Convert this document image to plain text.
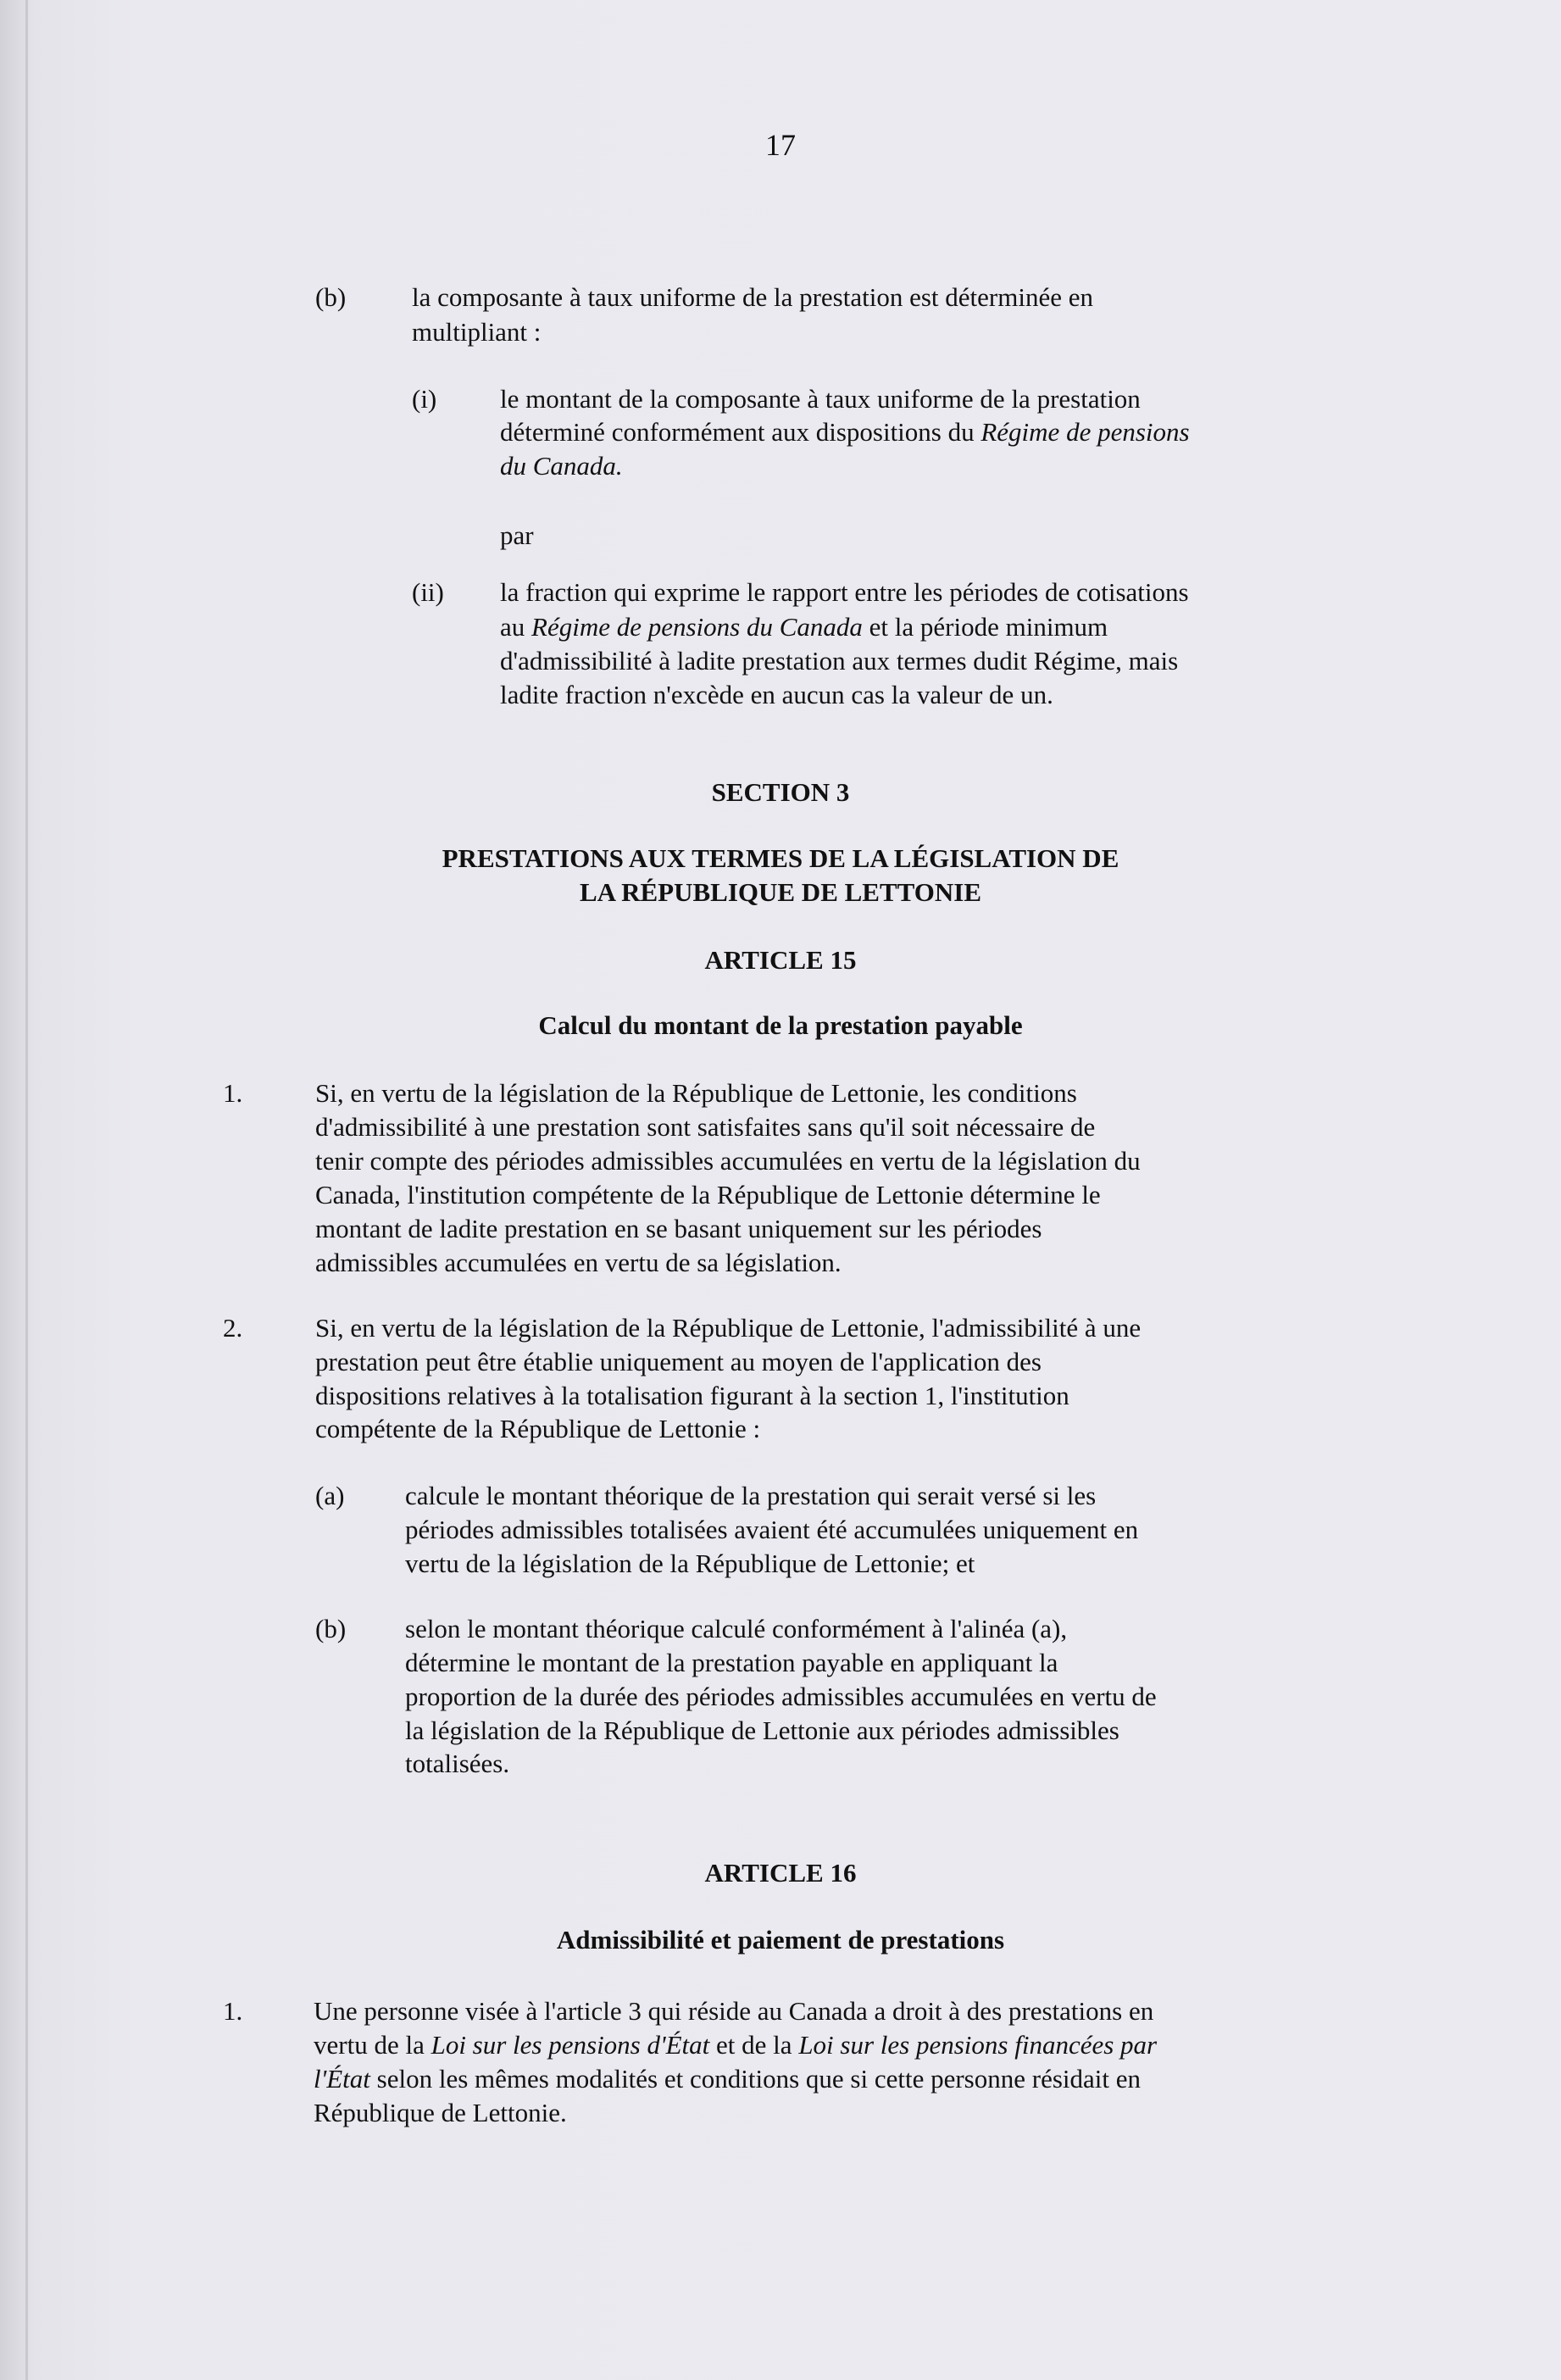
17
(b)	la composante à taux uniforme de la prestation est déterminée en
multipliant :
(i) le montant de la composante à taux uniforme de la prestation
déterminé conformément aux dispositions du Régime de pensions
du Canada.
par
(ii) la fraction qui exprime le rapport entre les périodes de cotisations
au Régime de pensions du Canada et la période minimum
d'admissibilité à ladite prestation aux termes dudit Régime, mais
ladite fraction n'excède en aucun cas la valeur de un.
SECTION 3
PRESTATIONS AUX TERMES DE LA LÉGISLATION DE
LA RÉPUBLIQUE DE LETTONIE
ARTICLE 15
Calcul du montant de la prestation payable
1.	Si, en vertu de la législation de la République de Lettonie, les conditions
d'admissibilité à une prestation sont satisfaites sans qu'il soit nécessaire de
tenir compte des périodes admissibles accumulées en vertu de la législation du
Canada, l'institution compétente de la République de Lettonie détermine le
montant de ladite prestation en se basant uniquement sur les périodes
admissibles accumulées en vertu de sa législation.
2.	Si, en vertu de la législation de la République de Lettonie, l'admissibilité à une
prestation peut être établie uniquement au moyen de l'application des
dispositions relatives à la totalisation figurant à la section 1, l'institution
compétente de la République de Lettonie :
(a) calcule le montant théorique de la prestation qui serait versé si les
périodes admissibles totalisées avaient été accumulées uniquement en
vertu de la législation de la République de Lettonie; et
(b) selon le montant théorique calculé conformément à l'alinéa (a),
détermine le montant de la prestation payable en appliquant la
proportion de la durée des périodes admissibles accumulées en vertu de
la législation de la République de Lettonie aux périodes admissibles
totalisées.
ARTICLE 16
Admissibilité et paiement de prestations
1.	Une personne visée à l'article 3 qui réside au Canada a droit à des prestations en
vertu de la Loi sur les pensions d'État et de la Loi sur les pensions financées par
l'État selon les mêmes modalités et conditions que si cette personne résidait en
République de Lettonie.
